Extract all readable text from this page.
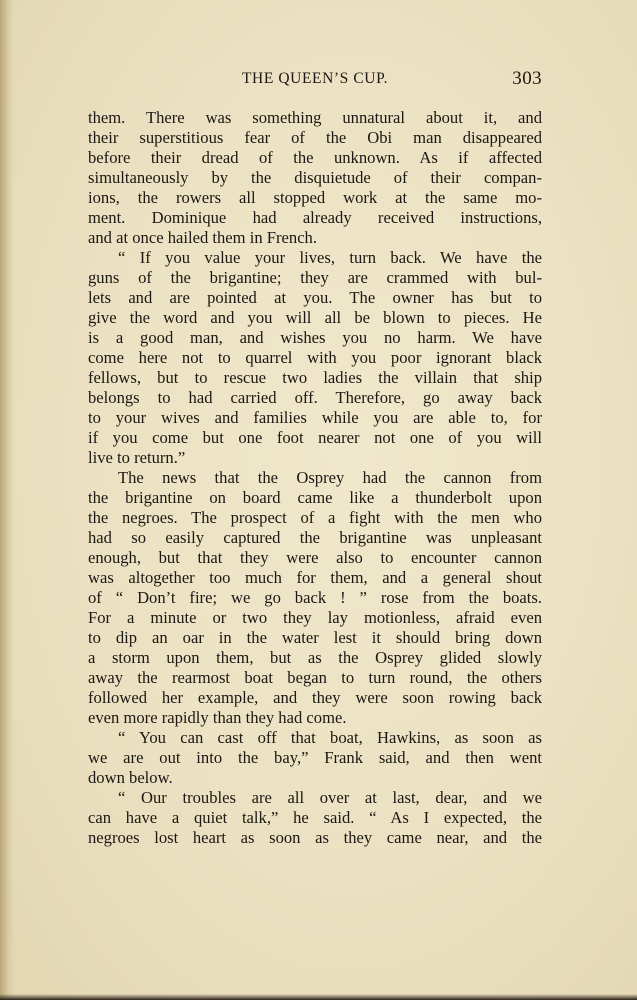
THE QUEEN’S CUP.	303
them. There was something unnatural about it, and
their superstitious fear of the Obi man disappeared
before their dread of the unknown. As if affected
simultaneously by the disquietude of their compan-
ions, the rowers all stopped work at the same mo-
ment. Dominique had already received instructions,
and at once hailed them in French.
“ If you value your lives, turn back. We have the
guns of the brigantine; they are crammed with bul-
lets and are pointed at you. The owner has but to
give the word and you will all be blown to pieces. He
is a good man, and wishes you no harm. We have
come here not to quarrel with you poor ignorant black
fellows, but to rescue two ladies the villain that ship
belongs to had carried off. Therefore, go away back
to your wives and families while you are able to, for
if you come but one foot nearer not one of you will
live to return.”
The news that the Osprey had the cannon from
the brigantine on board came like a thunderbolt upon
the negroes. The prospect of a fight with the men who
had so easily captured the brigantine was unpleasant
enough, but that they were also to encounter cannon
was altogether too much for them, and a general shout
of “ Don’t fire; we go back ! ” rose from the boats.
For a minute or two they lay motionless, afraid even
to dip an oar in the water lest it should bring down
a storm upon them, but as the Osprey glided slowly
away the rearmost boat began to turn round, the others
followed her example, and they were soon rowing back
even more rapidly than they had come.
“ You can cast off that boat, Hawkins, as soon as
we are out into the bay,” Frank said, and then went
down below.
“ Our troubles are all over at last, dear, and we
can have a quiet talk,” he said. “ As I expected, the
negroes lost heart as soon as they came near, and the
